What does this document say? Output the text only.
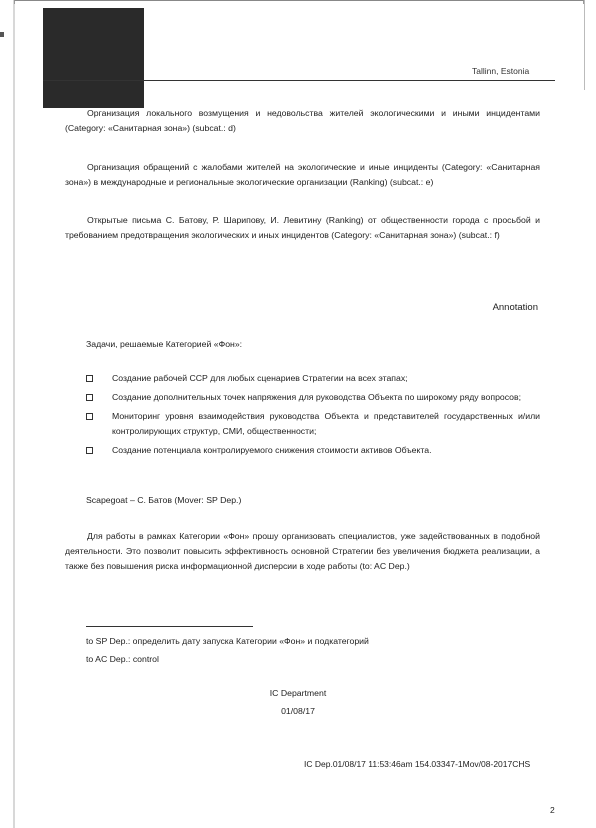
Tallinn, Estonia

Организация локального возмущения и недовольства жителей экологическими и иными инцидентами (Category: «Санитарная зона») (subcat.: d)

Организация обращений с жалобами жителей на экологические и иные инциденты (Category: «Санитарная зона») в международные и региональные экологические организации (Ranking) (subcat.: e)

Открытые письма С. Батову, Р. Шарипову, И. Левитину (Ranking) от общественности города с просьбой и требованием предотвращения экологических и иных инцидентов (Category: «Санитарная зона») (subcat.: f)

Annotation
Задачи, решаемые Категорией «Фон»:
Создание рабочей ССР для любых сценариев Стратегии на всех этапах;
Создание дополнительных точек напряжения для руководства Объекта по широкому ряду вопросов;
Мониторинг уровня взаимодействия руководства Объекта и представителей государственных и/или контролирующих структур, СМИ, общественности;
Создание потенциала контролируемого снижения стоимости активов Объекта.
Scapegoat – С. Батов (Mover: SP Dep.)

Для работы в рамках Категории «Фон» прошу организовать специалистов, уже задействованных в подобной деятельности. Это позволит повысить эффективность основной Стратегии без увеличения бюджета реализации, а также без повышения риска информационной дисперсии в ходе работы (to: AC Dep.)

to SP Dep.: определить дату запуска Категории «Фон» и подкатегорий
to AC Dep.: control
IC Department
01/08/17
IC Dep.01/08/17 11:53:46am 154.03347-1Mov/08-2017CHS
2
